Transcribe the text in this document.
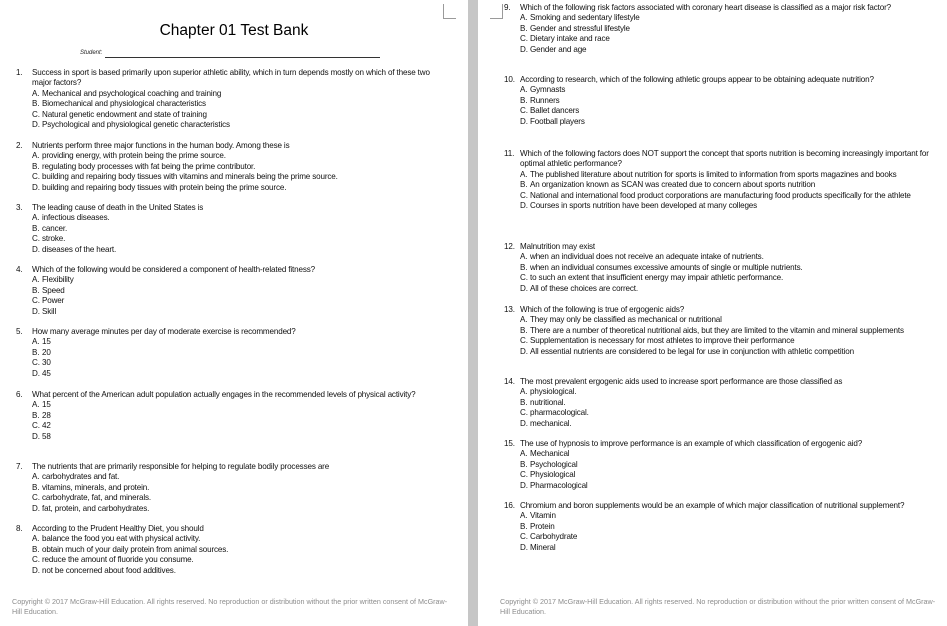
Chapter 01 Test Bank
Student:
Copyright © 2017 McGraw-Hill Education. All rights reserved. No reproduction or distribution without the prior written consent of McGraw-Hill Education.
Copyright © 2017 McGraw-Hill Education. All rights reserved. No reproduction or distribution without the prior written consent of McGraw-Hill Education.
1.	Success in sport is based primarily upon superior athletic ability, which in turn depends mostly on which of these two major factors?
A. Mechanical and psychological coaching and training
B. Biomechanical and physiological characteristics
C. Natural genetic endowment and state of training
D. Psychological and physiological genetic characteristics
2.	Nutrients perform three major functions in the human body. Among these is
A. providing energy, with protein being the prime source.
B. regulating body processes with fat being the prime contributor.
C. building and repairing body tissues with vitamins and minerals being the prime source.
D. building and repairing body tissues with protein being the prime source.
3.	The leading cause of death in the United States is
A. infectious diseases.
B. cancer.
C. stroke.
D. diseases of the heart.
4.	Which of the following would be considered a component of health-related fitness?
A. Flexibility
B. Speed
C. Power
D. Skill
5.	How many average minutes per day of moderate exercise is recommended?
A. 15
B. 20
C. 30
D. 45
6.	What percent of the American adult population actually engages in the recommended levels of physical activity?
A. 15
B. 28
C. 42
D. 58
7.	The nutrients that are primarily responsible for helping to regulate bodily processes are
A. carbohydrates and fat.
B. vitamins, minerals, and protein.
C. carbohydrate, fat, and minerals.
D. fat, protein, and carbohydrates.
8.	According to the Prudent Healthy Diet, you should
A. balance the food you eat with physical activity.
B. obtain much of your daily protein from animal sources.
C. reduce the amount of fluoride you consume.
D. not be concerned about food additives.
9.	Which of the following risk factors associated with coronary heart disease is classified as a major risk factor?
A. Smoking and sedentary lifestyle
B. Gender and stressful lifestyle
C. Dietary intake and race
D. Gender and age
10. According to research, which of the following athletic groups appear to be obtaining adequate nutrition?
A. Gymnasts
B. Runners
C. Ballet dancers
D. Football players
11. Which of the following factors does NOT support the concept that sports nutrition is becoming increasingly important for optimal athletic performance?
A. The published literature about nutrition for sports is limited to information from sports magazines and books
B. An organization known as SCAN was created due to concern about sports nutrition
C. National and international food product corporations are manufacturing food products specifically for the athlete
D. Courses in sports nutrition have been developed at many colleges
12. Malnutrition may exist
A. when an individual does not receive an adequate intake of nutrients.
B. when an individual consumes excessive amounts of single or multiple nutrients.
C. to such an extent that insufficient energy may impair athletic performance.
D. All of these choices are correct.
13. Which of the following is true of ergogenic aids?
A. They may only be classified as mechanical or nutritional
B. There are a number of theoretical nutritional aids, but they are limited to the vitamin and mineral supplements
C. Supplementation is necessary for most athletes to improve their performance
D. All essential nutrients are considered to be legal for use in conjunction with athletic competition
14. The most prevalent ergogenic aids used to increase sport performance are those classified as
A. physiological.
B. nutritional.
C. pharmacological.
D. mechanical.
15. The use of hypnosis to improve performance is an example of which classification of ergogenic aid?
A. Mechanical
B. Psychological
C. Physiological
D. Pharmacological
16. Chromium and boron supplements would be an example of which major classification of nutritional supplement?
A. Vitamin
B. Protein
C. Carbohydrate
D. Mineral
